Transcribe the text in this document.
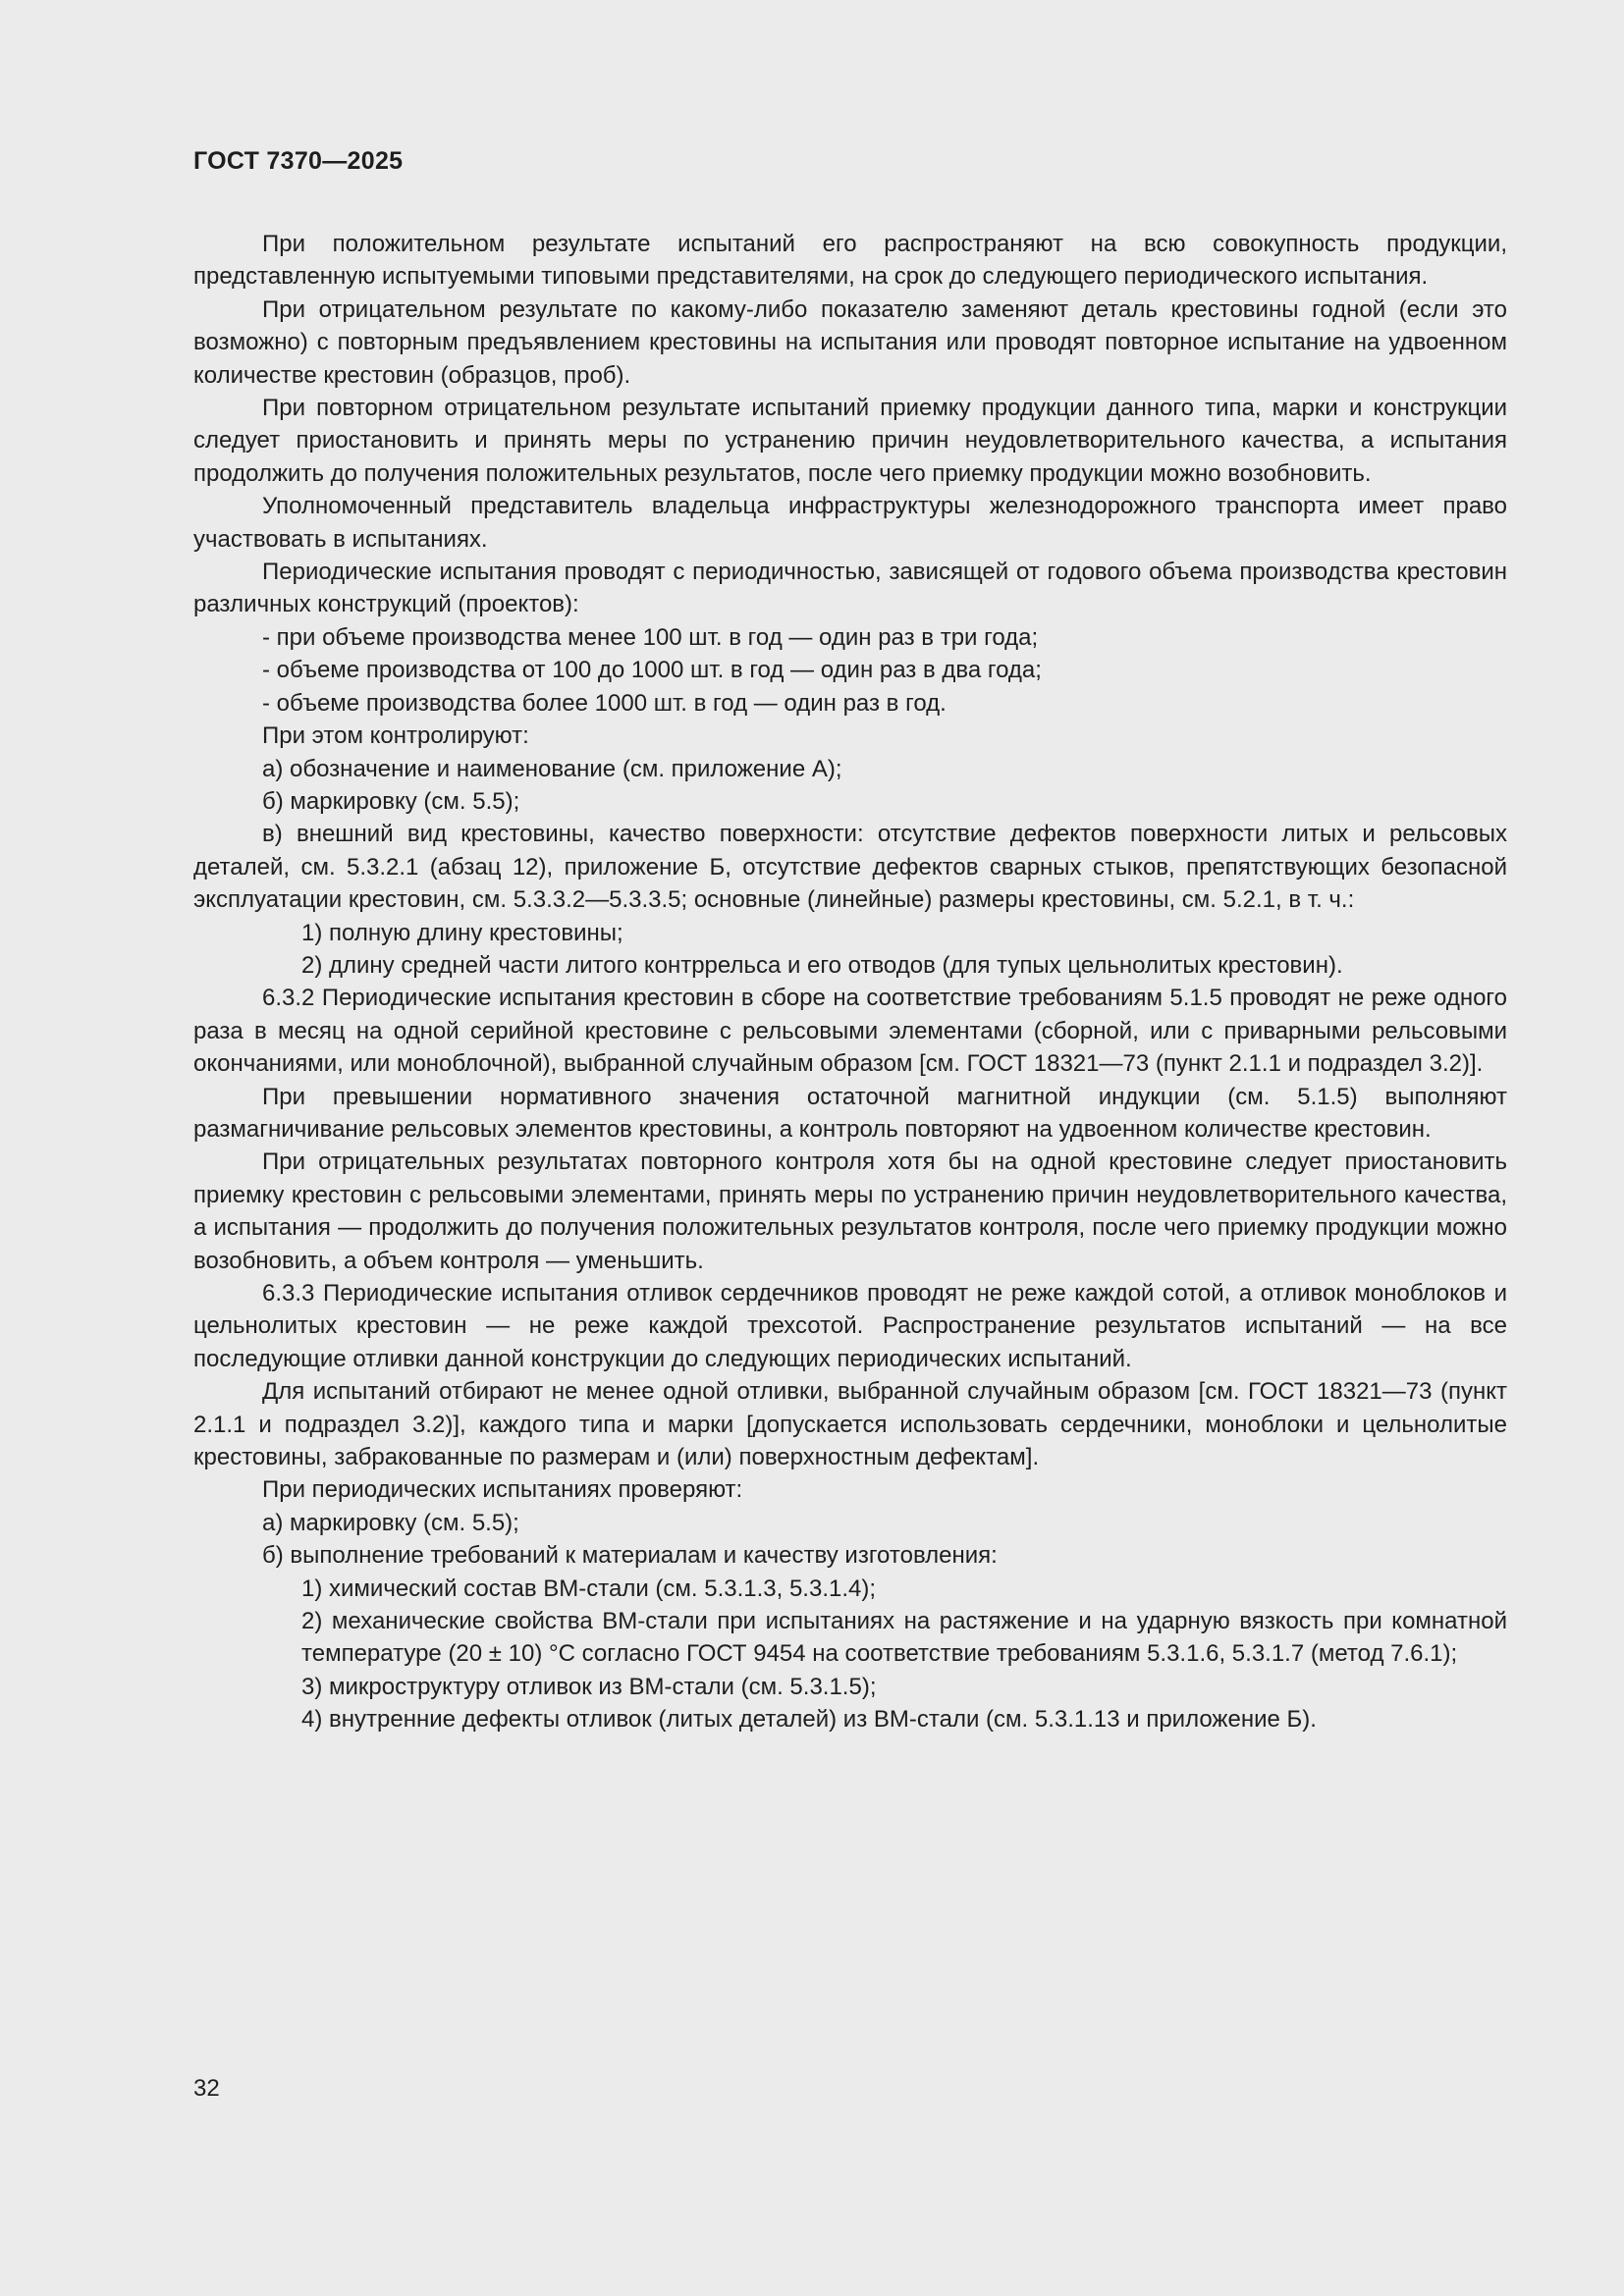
ГОСТ 7370—2025

При положительном результате испытаний его распространяют на всю совокупность продукции, представленную испытуемыми типовыми представителями, на срок до следующего периодического испытания.

При отрицательном результате по какому-либо показателю заменяют деталь крестовины годной (если это возможно) с повторным предъявлением крестовины на испытания или проводят повторное испытание на удвоенном количестве крестовин (образцов, проб).

При повторном отрицательном результате испытаний приемку продукции данного типа, марки и конструкции следует приостановить и принять меры по устранению причин неудовлетворительного качества, а испытания продолжить до получения положительных результатов, после чего приемку продукции можно возобновить.

Уполномоченный представитель владельца инфраструктуры железнодорожного транспорта имеет право участвовать в испытаниях.

Периодические испытания проводят с периодичностью, зависящей от годового объема производства крестовин различных конструкций (проектов):

- при объеме производства менее 100 шт. в год — один раз в три года;

- объеме производства от 100 до 1000 шт. в год — один раз в два года;

- объеме производства более 1000 шт. в год — один раз в год.

При этом контролируют:

а) обозначение и наименование (см. приложение А);

б) маркировку (см. 5.5);

в) внешний вид крестовины, качество поверхности: отсутствие дефектов поверхности литых и рельсовых деталей, см. 5.3.2.1 (абзац 12), приложение Б, отсутствие дефектов сварных стыков, препятствующих безопасной эксплуатации крестовин, см. 5.3.3.2—5.3.3.5; основные (линейные) размеры крестовины, см. 5.2.1, в т. ч.:

1) полную длину крестовины;

2) длину средней части литого контррельса и его отводов (для тупых цельнолитых крестовин).

6.3.2 Периодические испытания крестовин в сборе на соответствие требованиям 5.1.5 проводят не реже одного раза в месяц на одной серийной крестовине с рельсовыми элементами (сборной, или с приварными рельсовыми окончаниями, или моноблочной), выбранной случайным образом [см. ГОСТ 18321—73 (пункт 2.1.1 и подраздел 3.2)].

При превышении нормативного значения остаточной магнитной индукции (см. 5.1.5) выполняют размагничивание рельсовых элементов крестовины, а контроль повторяют на удвоенном количестве крестовин.

При отрицательных результатах повторного контроля хотя бы на одной крестовине следует приостановить приемку крестовин с рельсовыми элементами, принять меры по устранению причин неудовлетворительного качества, а испытания — продолжить до получения положительных результатов контроля, после чего приемку продукции можно возобновить, а объем контроля — уменьшить.

6.3.3 Периодические испытания отливок сердечников проводят не реже каждой сотой, а отливок моноблоков и цельнолитых крестовин — не реже каждой трехсотой. Распространение результатов испытаний — на все последующие отливки данной конструкции до следующих периодических испытаний.

Для испытаний отбирают не менее одной отливки, выбранной случайным образом [см. ГОСТ 18321—73 (пункт 2.1.1 и подраздел 3.2)], каждого типа и марки [допускается использовать сердечники, моноблоки и цельнолитые крестовины, забракованные по размерам и (или) поверхностным дефектам].

При периодических испытаниях проверяют:

а) маркировку (см. 5.5);

б) выполнение требований к материалам и качеству изготовления:

1) химический состав ВМ-стали (см. 5.3.1.3, 5.3.1.4);

2) механические свойства ВМ-стали при испытаниях на растяжение и на ударную вязкость при комнатной температуре (20 ± 10) °С согласно ГОСТ 9454 на соответствие требованиям 5.3.1.6, 5.3.1.7 (метод 7.6.1);

3) микроструктуру отливок из ВМ-стали (см. 5.3.1.5);

4) внутренние дефекты отливок (литых деталей) из ВМ-стали (см. 5.3.1.13 и приложение Б).

32
